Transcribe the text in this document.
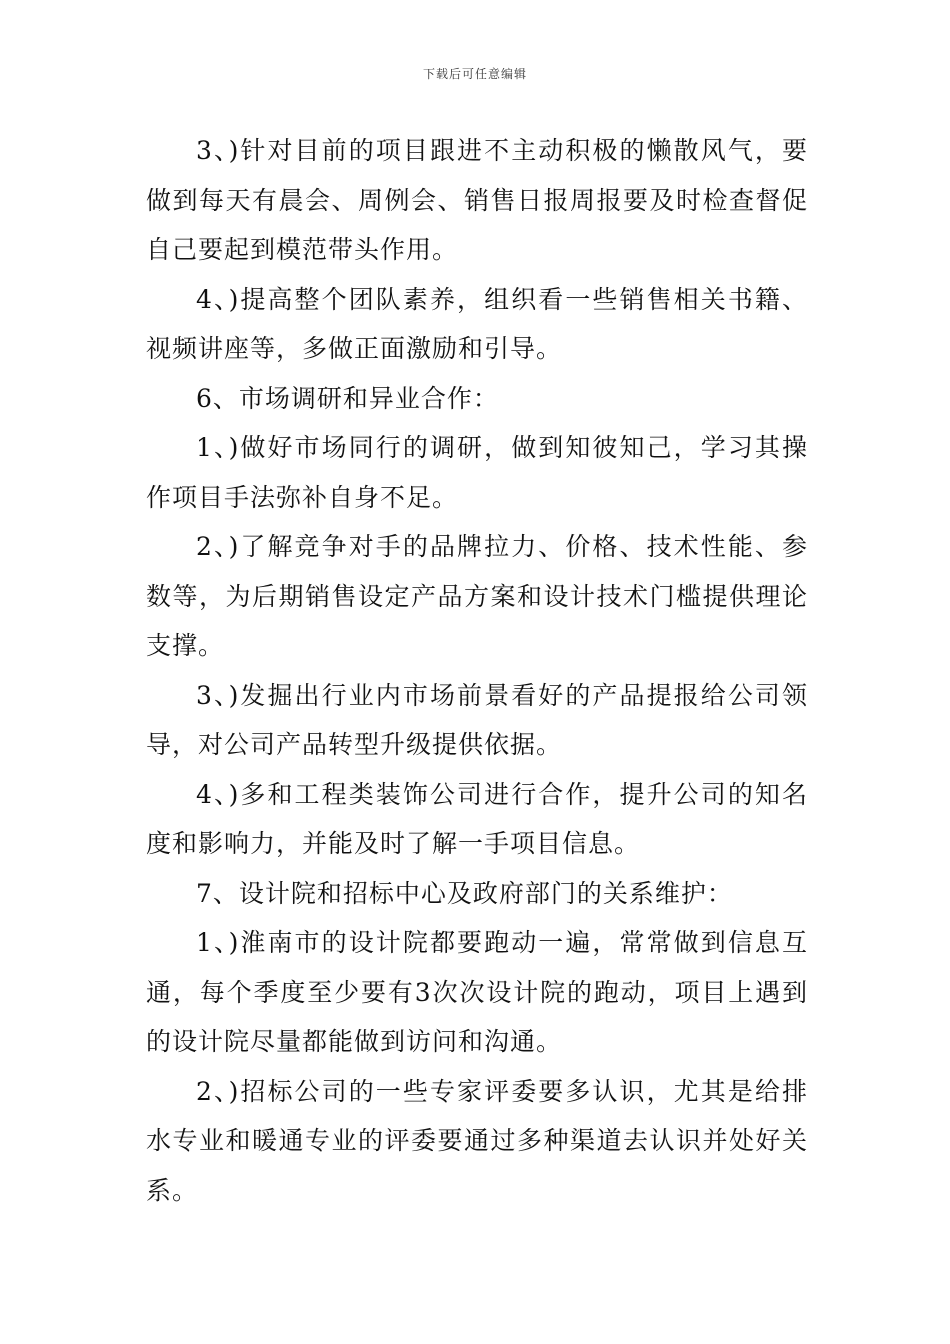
下载后可任意编辑

3、)针对目前的项目跟进不主动积极的懒散风气，要做到每天有晨会、周例会、销售日报周报要及时检查督促自己要起到模范带头作用。

4、)提高整个团队素养，组织看一些销售相关书籍、视频讲座等，多做正面激励和引导。

6、市场调研和异业合作：

1、)做好市场同行的调研，做到知彼知己，学习其操作项目手法弥补自身不足。

2、)了解竞争对手的品牌拉力、价格、技术性能、参数等，为后期销售设定产品方案和设计技术门槛提供理论支撑。

3、)发掘出行业内市场前景看好的产品提报给公司领导，对公司产品转型升级提供依据。

4、)多和工程类装饰公司进行合作，提升公司的知名度和影响力，并能及时了解一手项目信息。

7、设计院和招标中心及政府部门的关系维护：

1、)淮南市的设计院都要跑动一遍，常常做到信息互通，每个季度至少要有3次次设计院的跑动，项目上遇到的设计院尽量都能做到访问和沟通。

2、)招标公司的一些专家评委要多认识，尤其是给排水专业和暖通专业的评委要通过多种渠道去认识并处好关系。
